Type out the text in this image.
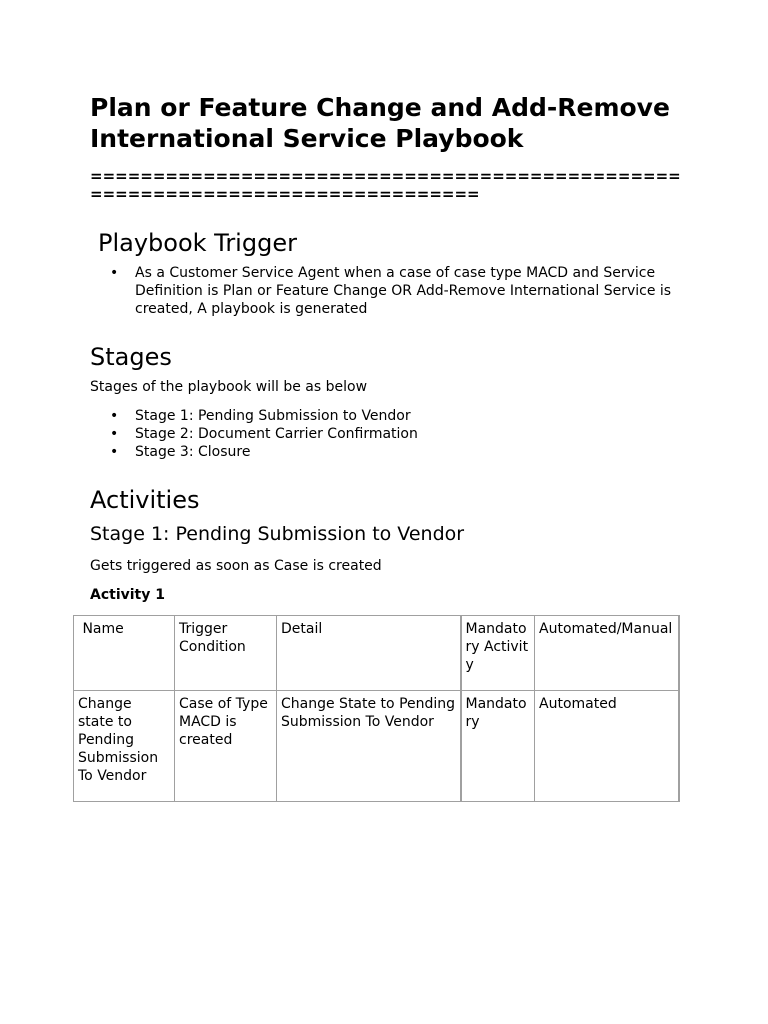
Plan or Feature Change and Add-Remove International Service Playbook

==============================================================================

Playbook Trigger
• As a Customer Service Agent when a case of case type MACD and Service Definition is Plan or Feature Change OR Add-Remove International Service is created, A playbook is generated
Stages

Stages of the playbook will be as below

• Stage 1: Pending Submission to Vendor
• Stage 2: Document Carrier Confirmation
• Stage 3: Closure
Activities
Stage 1: Pending Submission to Vendor

Gets triggered as soon as Case is created

Activity 1

Name	Trigger Condition	Detail	Mandatory Activity	Automated/Manual
Change state to Pending Submission To Vendor	Case of Type MACD is created	Change State to Pending Submission To Vendor	Mandatory	Automated
